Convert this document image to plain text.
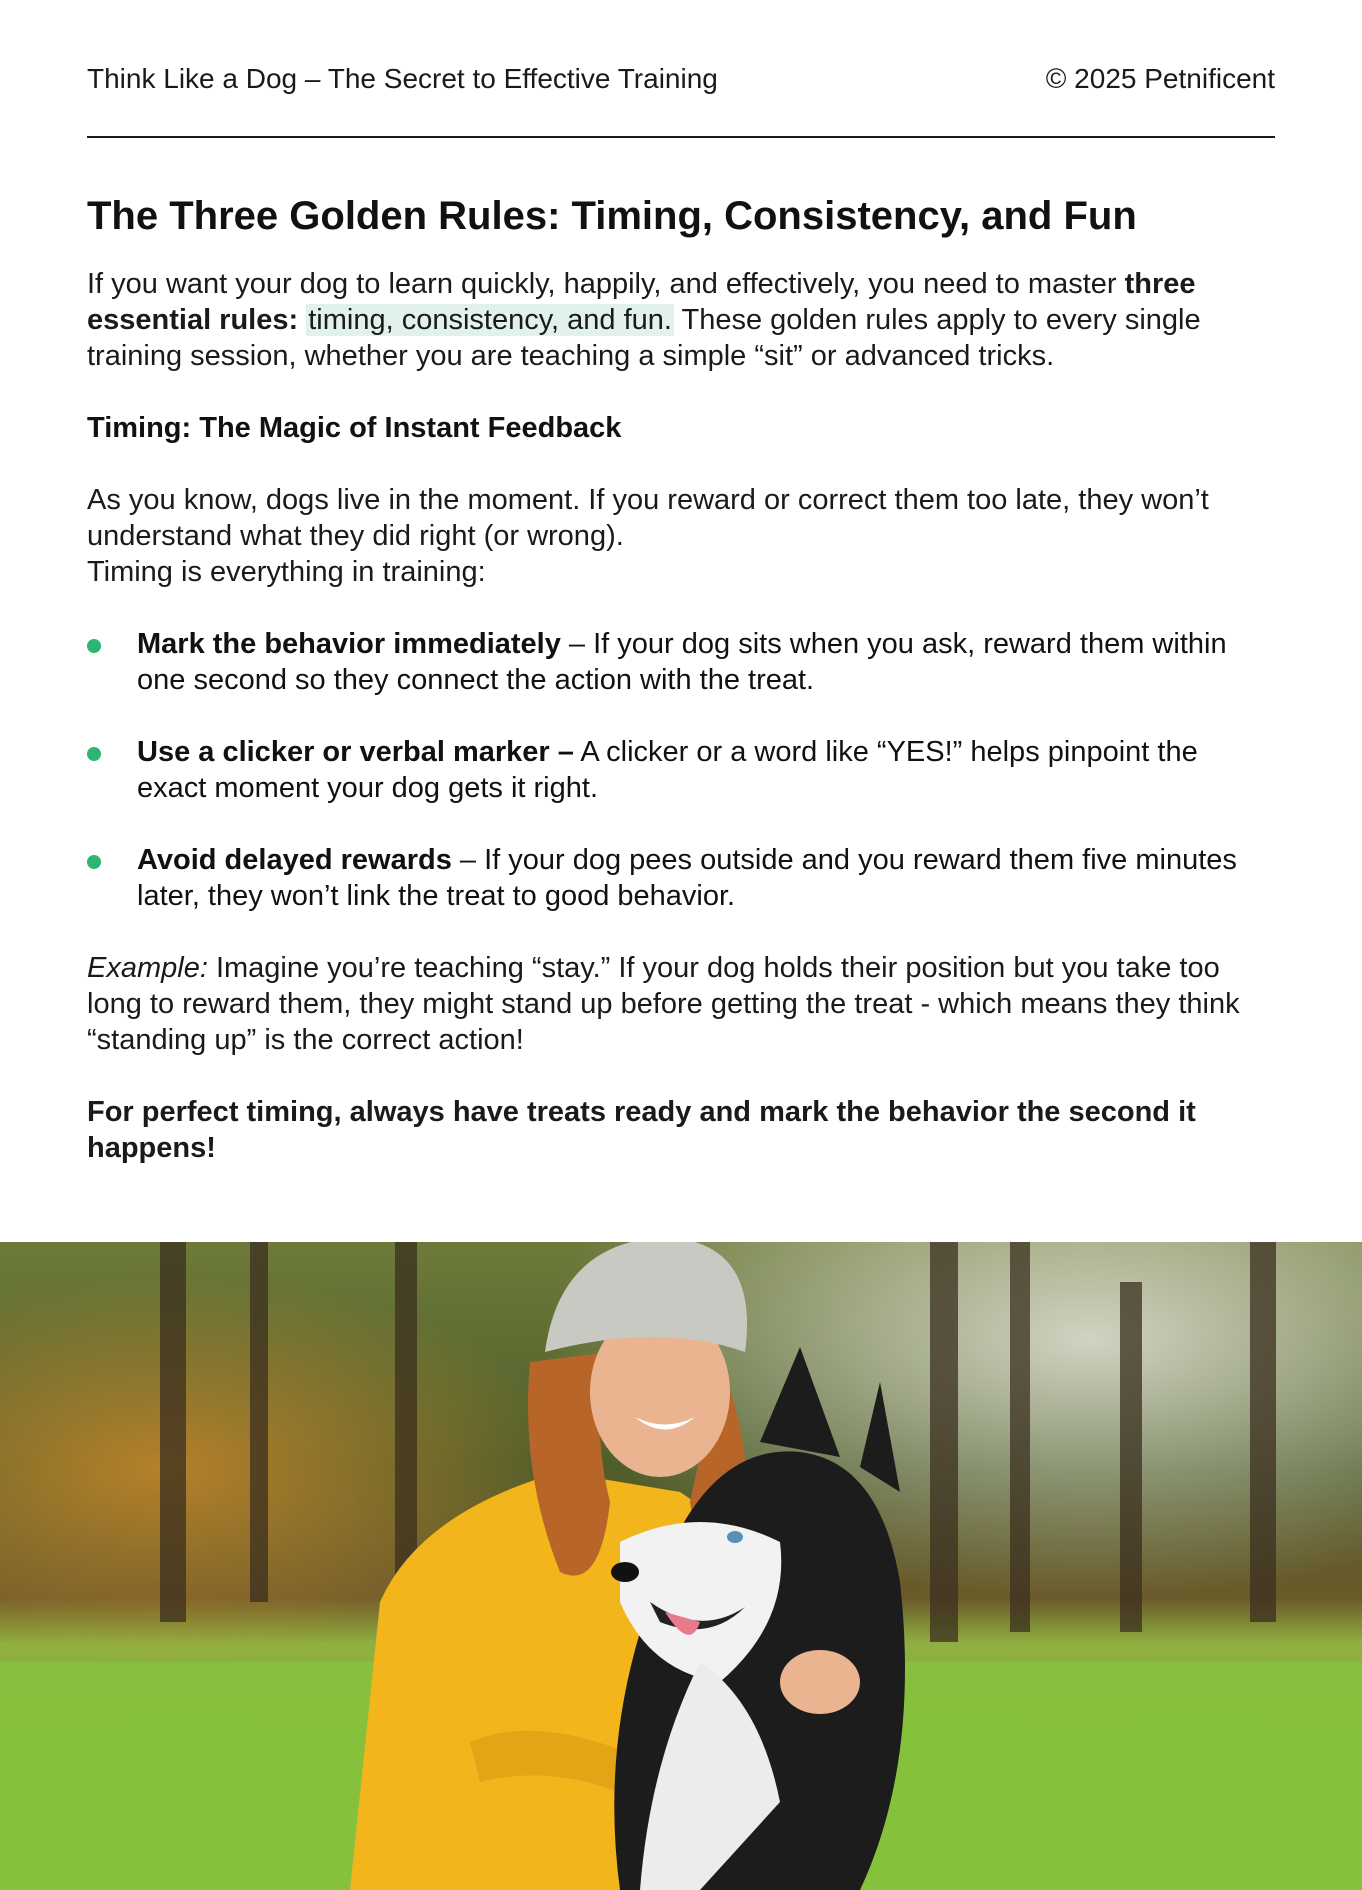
Think Like a Dog – The Secret to Effective Training	© 2025 Petnificent
The Three Golden Rules: Timing, Consistency, and Fun

If you want your dog to learn quickly, happily, and effectively, you need to master three essential rules: timing, consistency, and fun. These golden rules apply to every single training session, whether you are teaching a simple “sit” or advanced tricks.

Timing: The Magic of Instant Feedback

As you know, dogs live in the moment. If you reward or correct them too late, they won’t understand what they did right (or wrong).
Timing is everything in training:

Mark the behavior immediately – If your dog sits when you ask, reward them within one second so they connect the action with the treat.
Use a clicker or verbal marker – A clicker or a word like “YES!” helps pinpoint the exact moment your dog gets it right.
Avoid delayed rewards – If your dog pees outside and you reward them five minutes later, they won’t link the treat to good behavior.

Example: Imagine you’re teaching “stay.” If your dog holds their position but you take too long to reward them, they might stand up before getting the treat - which means they think “standing up” is the correct action!

For perfect timing, always have treats ready and mark the behavior the second it happens!
